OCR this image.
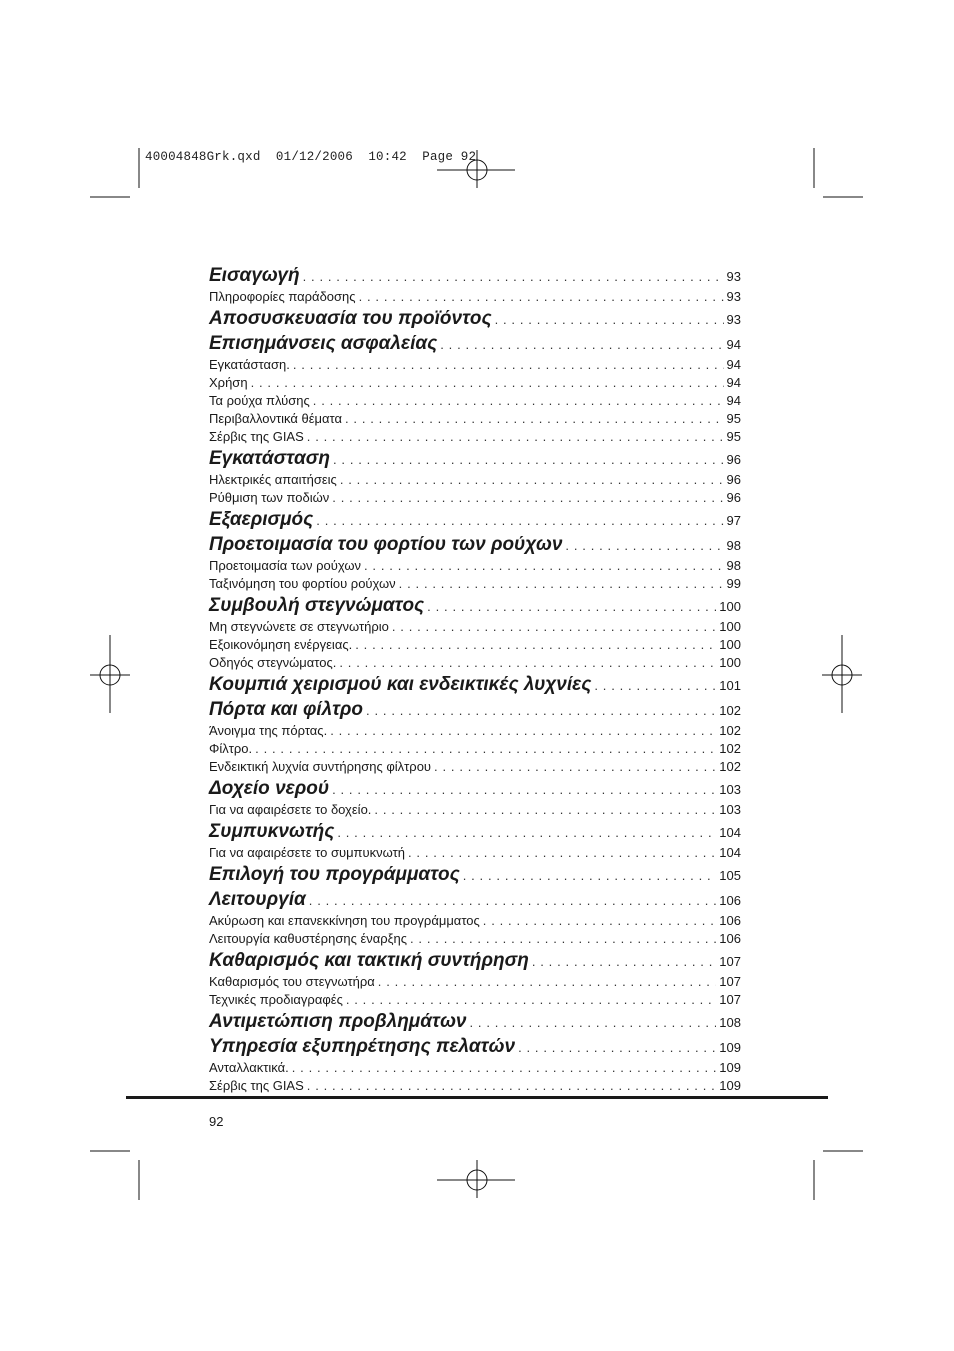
40004848Grk.qxd  01/12/2006  10:42  Page 92
Εισαγωγή . . .	93
Πληροφορίες παράδοσης . . .	93
Αποσυσκευασία του προϊόντος . . .	93
Επισημάνσεις ασφαλείας . . .	94
Εγκατάσταση. . . .	94
Χρήση . . .	94
Τα ρούχα πλύσης . . .	94
Περιβαλλοντικά θέματα . . .	95
Σέρβις της GIAS . . .	95
Εγκατάσταση . . .	96
Ηλεκτρικές απαιτήσεις . . .	96
Ρύθμιση των ποδιών . . .	96
Εξαερισμός . . .	97
Προετοιμασία του φορτίου των ρούχων . . .	98
Προετοιμασία των ρούχων . . .	98
Ταξινόμηση του φορτίου ρούχων . . .	99
Συμβουλή στεγνώματος . . .	100
Μη στεγνώνετε σε στεγνωτήριο . . .	100
Εξοικονόμηση ενέργειας. . . .	100
Οδηγός στεγνώματος. . . .	100
Κουμπιά χειρισμού και ενδεικτικές λυχνίες . . .	101
Πόρτα και φίλτρο . . .	102
Άνοιγμα της πόρτας. . . .	102
Φίλτρο. . . .	102
Ενδεικτική λυχνία συντήρησης φίλτρου . . .	102
Δοχείο νερού . . .	103
Για να αφαιρέσετε το δοχείο. . . .	103
Συμπυκνωτής . . .	104
Για να αφαιρέσετε το συμπυκνωτή . . .	104
Επιλογή του προγράμματος . . .	105
Λειτουργία . . .	106
Ακύρωση και επανεκκίνηση του προγράμματος . . .	106
Λειτουργία καθυστέρησης έναρξης . . .	106
Καθαρισμός και τακτική συντήρηση . . .	107
Καθαρισμός του στεγνωτήρα . . .	107
Τεχνικές προδιαγραφές . . .	107
Αντιμετώπιση προβλημάτων . . .	108
Υπηρεσία εξυπηρέτησης πελατών . . .	109
Ανταλλακτικά. . . .	109
Σέρβις της GIAS . . .	109
92
